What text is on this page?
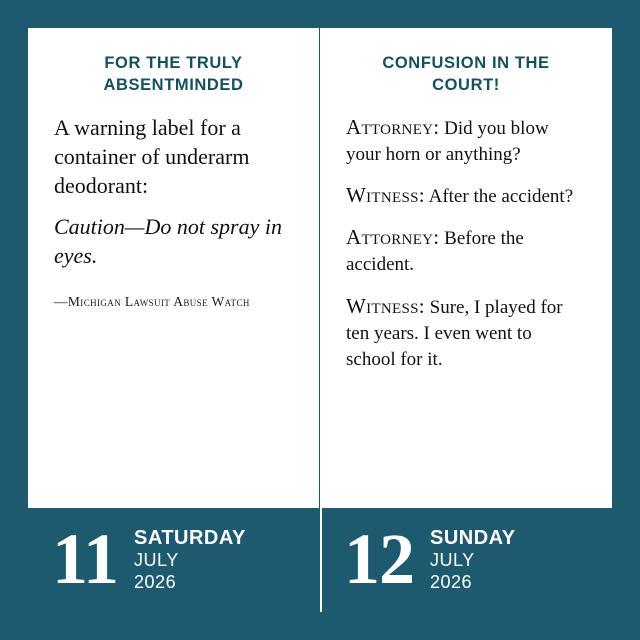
FOR THE TRULY ABSENTMINDED
A warning label for a container of underarm deodorant:
Caution—Do not spray in eyes.
—Michigan Lawsuit Abuse Watch
CONFUSION IN THE COURT!

Attorney: Did you blow your horn or anything?

Witness: After the accident?

Attorney: Before the accident.

Witness: Sure, I played for ten years. I even went to school for it.

11 SATURDAY
JULY
2026	12 SUNDAY
JULY
2026
